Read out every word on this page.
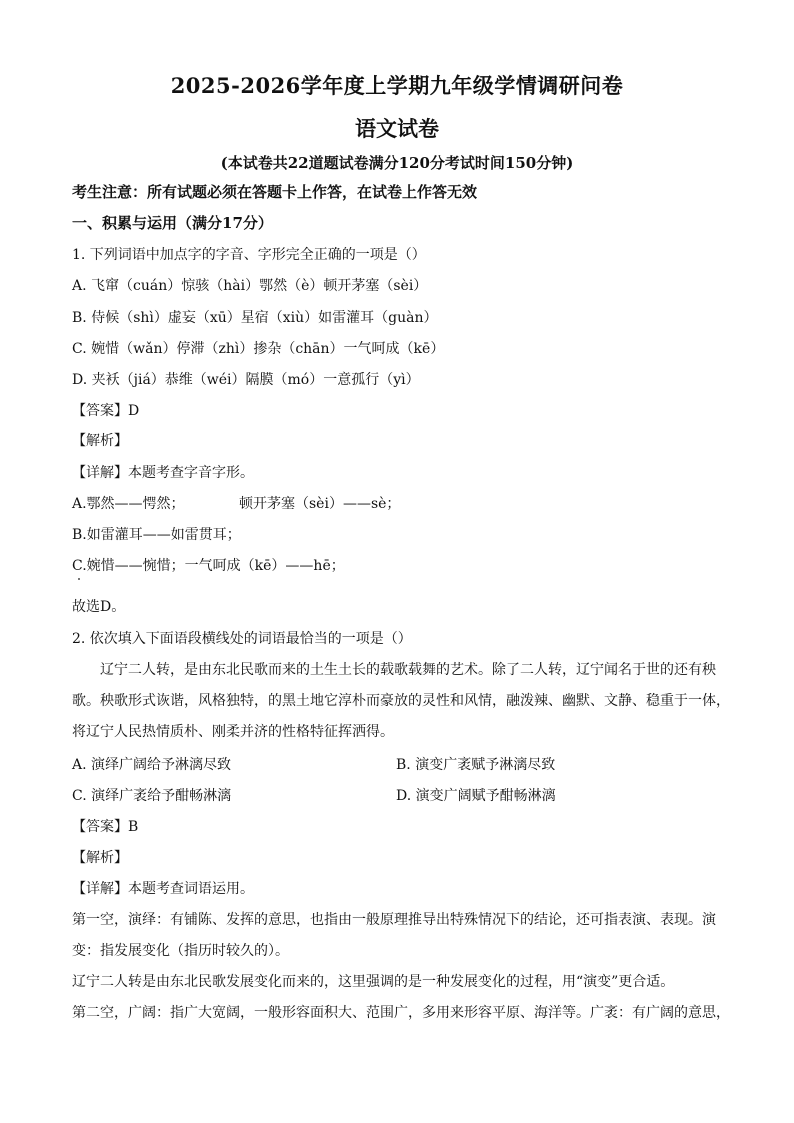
2025-2026学年度上学期九年级学情调研问卷
语文试卷
(本试卷共22道题试卷满分120分考试时间150分钟)
考生注意：所有试题必须在答题卡上作答，在试卷上作答无效
一、积累与运用（满分17分）
1. 下列词语中加点字的字音、字形完全正确的一项是（）
A. 飞窜（cuán）惊骇（hài）鄂然（è）顿开茅塞（sèi）
B. 侍候（shì）虚妄（xū）星宿（xiù）如雷灌耳（guàn）
C. 婉惜（wǎn）停滞（zhì）掺杂（chān）一气呵成（kē）
D. 夹袄（jiá）恭维（wéi）隔膜（mó）一意孤行（yì）
【答案】D
【解析】
【详解】本题考查字音字形。
A.鄂然——愕然；	顿开茅塞（sèi）——sè；
B.如雷灌耳——如雷贯耳；
C.婉惜——惋惜；一气呵成（kē）——hē；
故选D。
2. 依次填入下面语段横线处的词语最恰当的一项是（）
辽宁二人转，是由东北民歌而来的土生土长的载歌载舞的艺术。除了二人转，辽宁闻名于世的还有秧
歌。秧歌形式诙谐，风格独特，的黑土地它淳朴而豪放的灵性和风情，融泼辣、幽默、文静、稳重于一体，
将辽宁人民热情质朴、刚柔并济的性格特征挥洒得。
A. 演绎广阔给予淋漓尽致	B. 演变广袤赋予淋漓尽致
C. 演绎广袤给予酣畅淋漓	D. 演变广阔赋予酣畅淋漓
【答案】B
【解析】
【详解】本题考查词语运用。
第一空，演绎：有铺陈、发挥的意思，也指由一般原理推导出特殊情况下的结论，还可指表演、表现。演
变：指发展变化（指历时较久的）。
辽宁二人转是由东北民歌发展变化而来的，这里强调的是一种发展变化的过程，用“演变”更合适。
第二空，广阔：指广大宽阔，一般形容面积大、范围广，多用来形容平原、海洋等。广袤：有广阔的意思，
